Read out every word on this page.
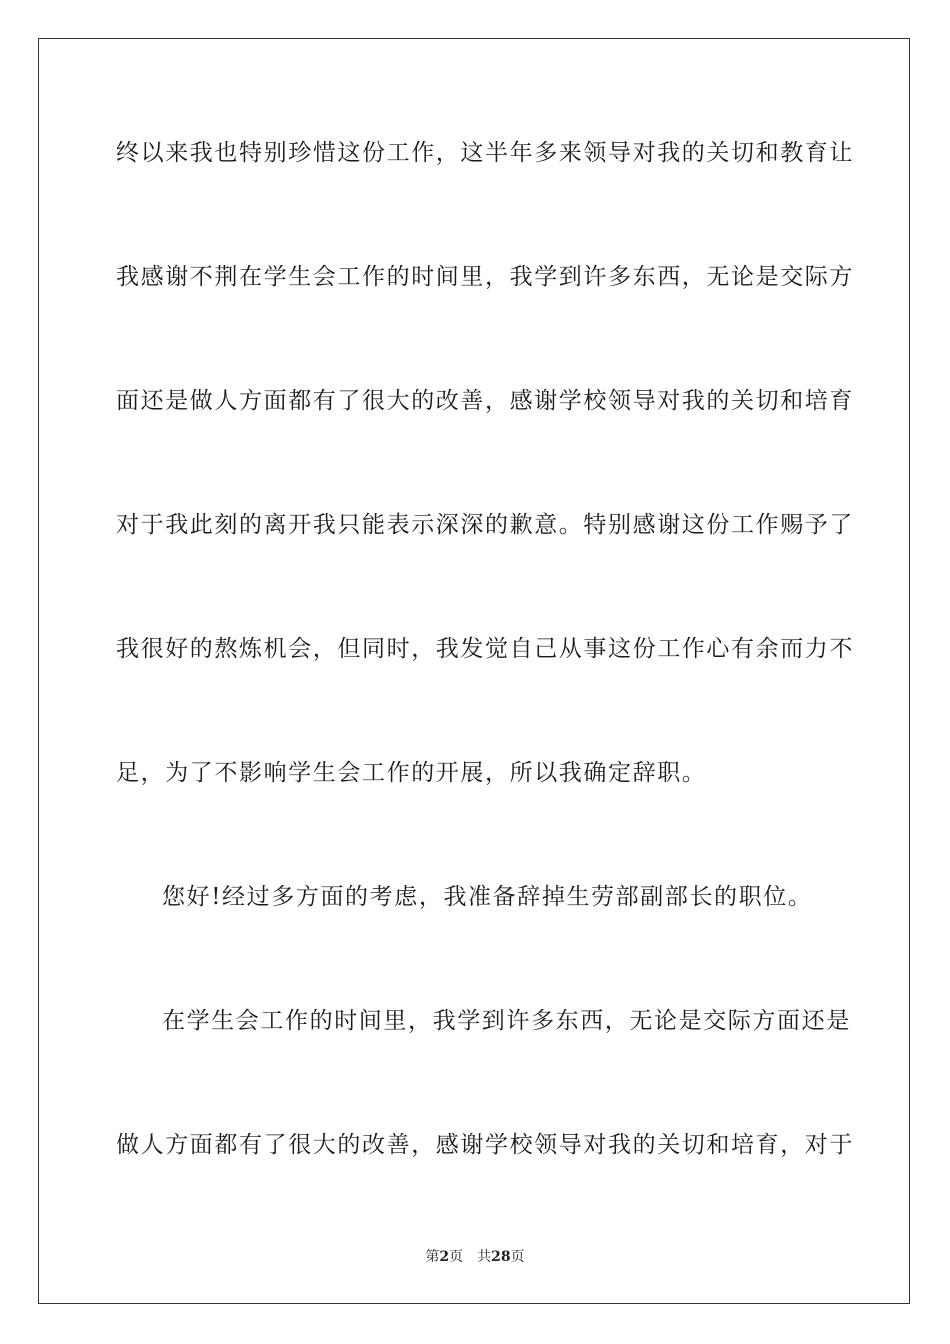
终以来我也特别珍惜这份工作，这半年多来领导对我的关切和教育让
我感谢不荆在学生会工作的时间里，我学到许多东西，无论是交际方
面还是做人方面都有了很大的改善，感谢学校领导对我的关切和培育
对于我此刻的离开我只能表示深深的歉意。特别感谢这份工作赐予了
我很好的熬炼机会，但同时，我发觉自己从事这份工作心有余而力不
足，为了不影响学生会工作的开展，所以我确定辞职。
您好!经过多方面的考虑，我准备辞掉生劳部副部长的职位。
在学生会工作的时间里，我学到许多东西，无论是交际方面还是
做人方面都有了很大的改善，感谢学校领导对我的关切和培育，对于
第2页 共28页
